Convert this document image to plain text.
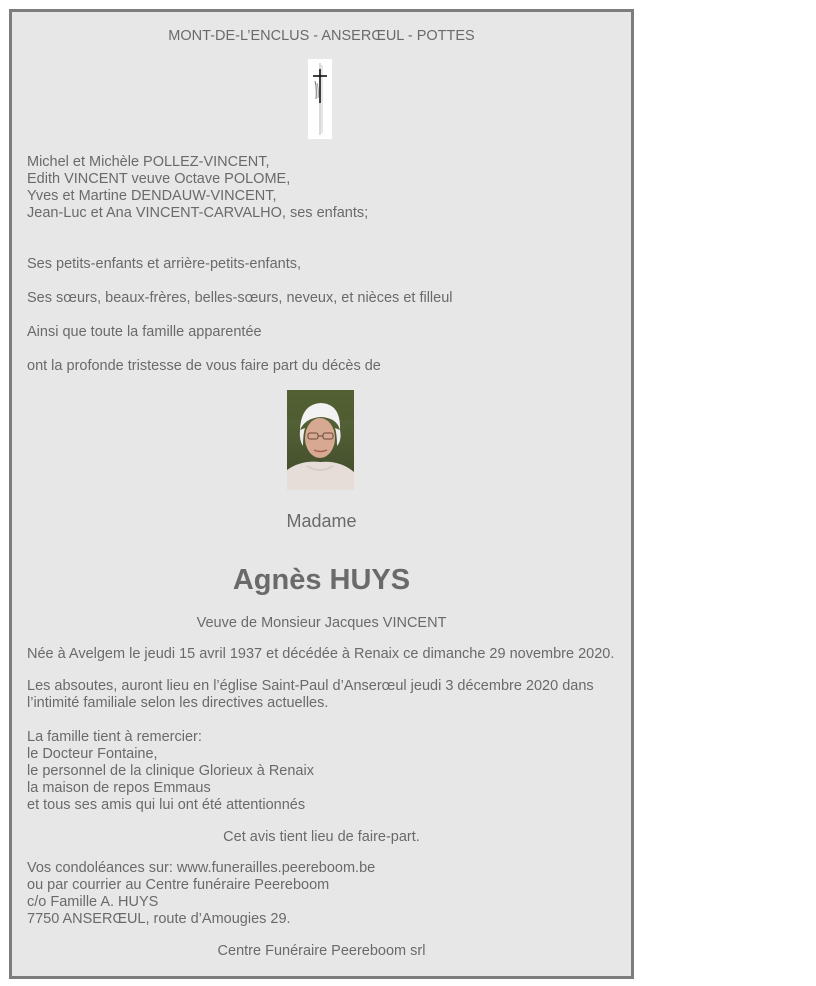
MONT-DE-L’ENCLUS - ANSERŒUL - POTTES
Michel et Michèle POLLEZ-VINCENT,
Edith VINCENT veuve Octave POLOME,
Yves et Martine DENDAUW-VINCENT,
Jean-Luc et Ana VINCENT-CARVALHO, ses enfants;
Ses petits-enfants et arrière-petits-enfants,
Ses sœurs, beaux-frères, belles-sœurs, neveux, et nièces et filleul
Ainsi que toute la famille apparentée
ont la profonde tristesse de vous faire part du décès de
Madame
Agnès HUYS
Veuve de Monsieur Jacques VINCENT
Née à Avelgem le jeudi 15 avril 1937 et décédée à Renaix ce dimanche 29 novembre 2020.
Les absoutes, auront lieu en l’église Saint-Paul d’Anserœul jeudi 3 décembre 2020 dans
l’intimité familiale selon les directives actuelles.
La famille tient à remercier:
le Docteur Fontaine,
le personnel de la clinique Glorieux à Renaix
la maison de repos Emmaus
et tous ses amis qui lui ont été attentionnés
Cet avis tient lieu de faire-part.
Vos condoléances sur: www.funerailles.peereboom.be
ou par courrier au Centre funéraire Peereboom
c/o Famille A. HUYS
7750 ANSERŒUL, route d’Amougies 29.
Centre Funéraire Peereboom srl
